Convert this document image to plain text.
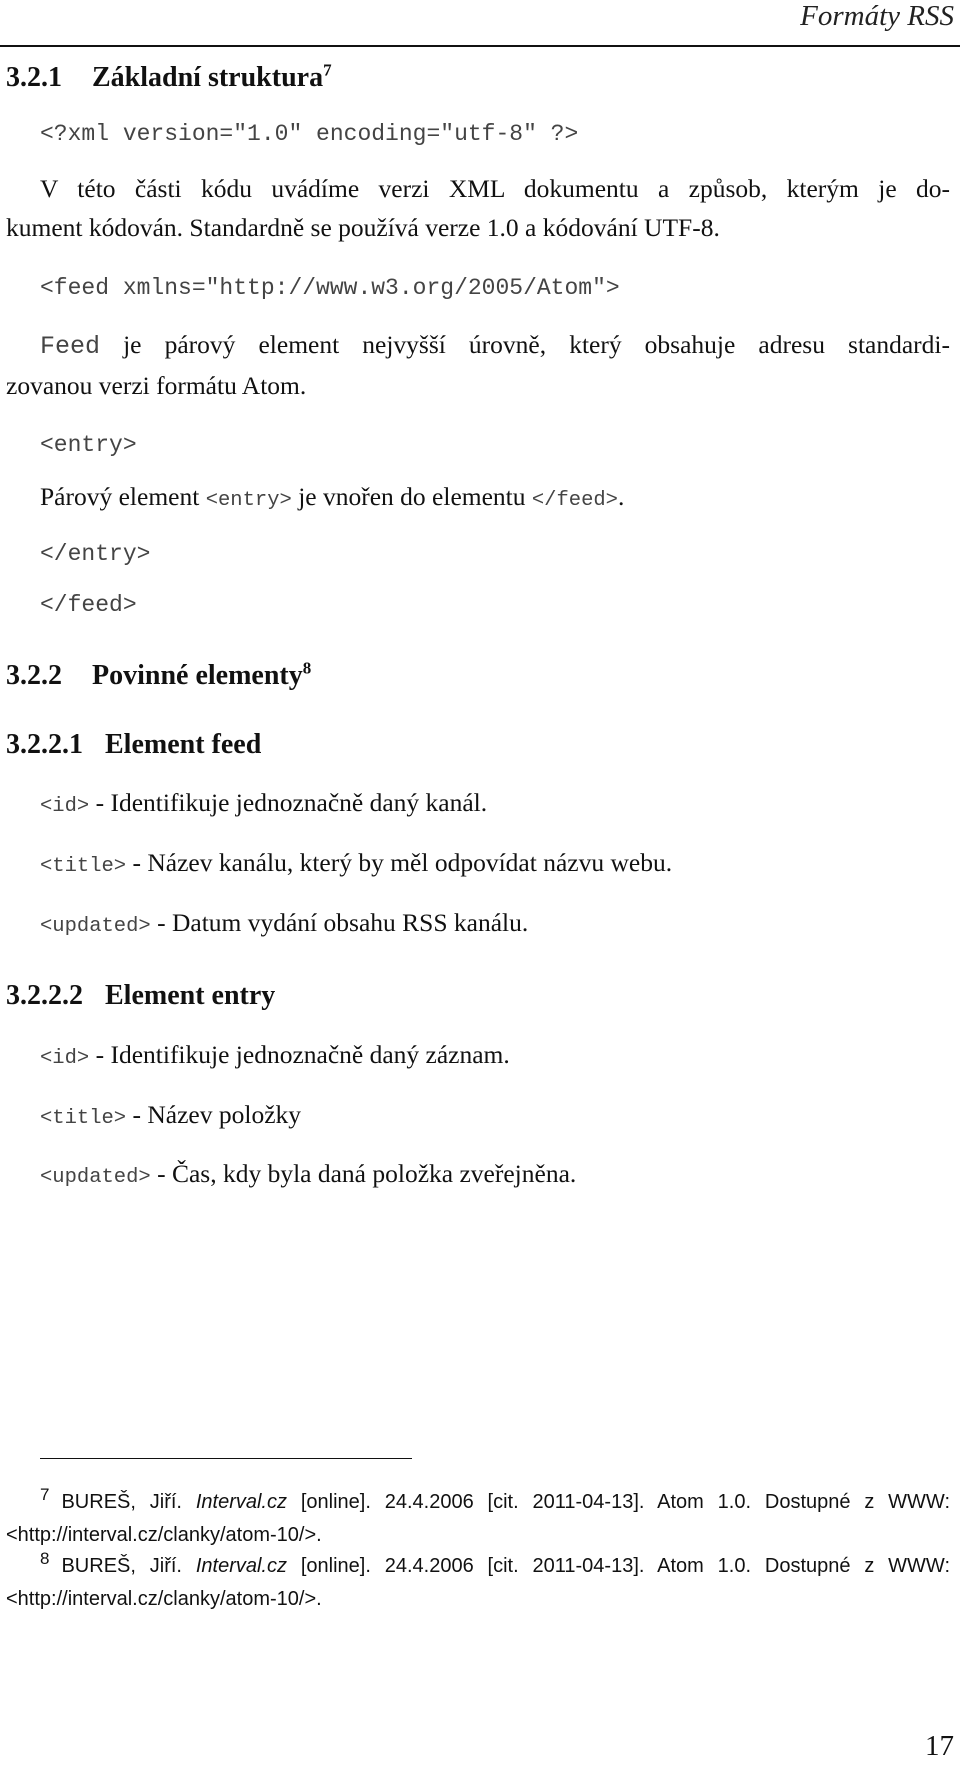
Formáty RSS
3.2.1 Základní struktura$^7$
<?xml version="1.0" encoding="utf-8" ?>
V této části kódu uvádíme verzi XML dokumentu a způsob, kterým je do-
kument kódován. Standardně se používá verze 1.0 a kódování UTF-8.
<feed xmlns="http://www.w3.org/2005/Atom">
Feed je párový element nejvyšší úrovně, který obsahuje adresu standardi-
zovanou verzi formátu Atom.
<entry>
Párový element <entry> je vnořen do elementu </feed>.
</entry>
</feed>
3.2.2 Povinné elementy$^8$
3.2.2.1 Element feed
<id> - Identifikuje jednoznačně daný kanál.
<title> - Název kanálu, který by měl odpovídat názvu webu.
<updated> - Datum vydání obsahu RSS kanálu.
3.2.2.2 Element entry
<id> - Identifikuje jednoznačně daný záznam.
<title> - Název položky
<updated> - Čas, kdy byla daná položka zveřejněna.
$^7$ BUREŠ, Jiří. Interval.cz [online]. 24.4.2006 [cit. 2011-04-13]. Atom 1.0. Dostupné z WWW:
<http://interval.cz/clanky/atom-10/>.
$^8$ BUREŠ, Jiří. Interval.cz [online]. 24.4.2006 [cit. 2011-04-13]. Atom 1.0. Dostupné z WWW:
<http://interval.cz/clanky/atom-10/>.
17
